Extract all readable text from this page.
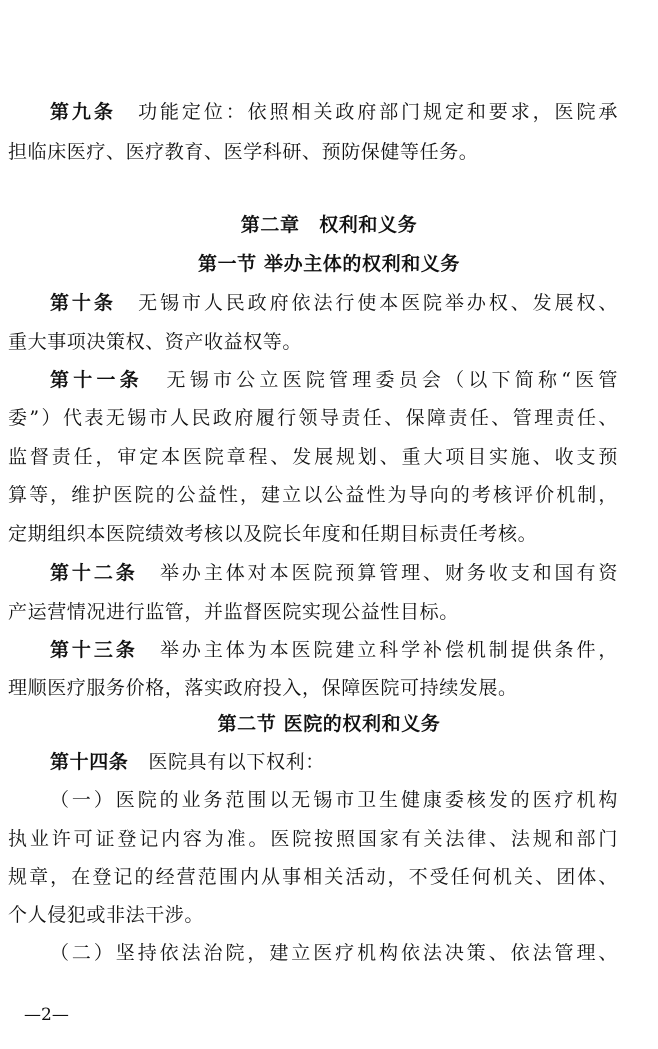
第九条 功能定位：依照相关政府部门规定和要求，医院承
担临床医疗、医疗教育、医学科研、预防保健等任务。
第二章　权利和义务
第一节 举办主体的权利和义务
第十条 无锡市人民政府依法行使本医院举办权、发展权、
重大事项决策权、资产收益权等。
第十一条 无锡市公立医院管理委员会（以下简称“医管
委”）代表无锡市人民政府履行领导责任、保障责任、管理责任、
监督责任，审定本医院章程、发展规划、重大项目实施、收支预
算等，维护医院的公益性，建立以公益性为导向的考核评价机制，
定期组织本医院绩效考核以及院长年度和任期目标责任考核。
第十二条 举办主体对本医院预算管理、财务收支和国有资
产运营情况进行监管，并监督医院实现公益性目标。
第十三条 举办主体为本医院建立科学补偿机制提供条件，
理顺医疗服务价格，落实政府投入，保障医院可持续发展。
第二节 医院的权利和义务
第十四条 医院具有以下权利：
（一）医院的业务范围以无锡市卫生健康委核发的医疗机构
执业许可证登记内容为准。医院按照国家有关法律、法规和部门
规章，在登记的经营范围内从事相关活动，不受任何机关、团体、
个人侵犯或非法干涉。
（二）坚持依法治院，建立医疗机构依法决策、依法管理、
—2—
